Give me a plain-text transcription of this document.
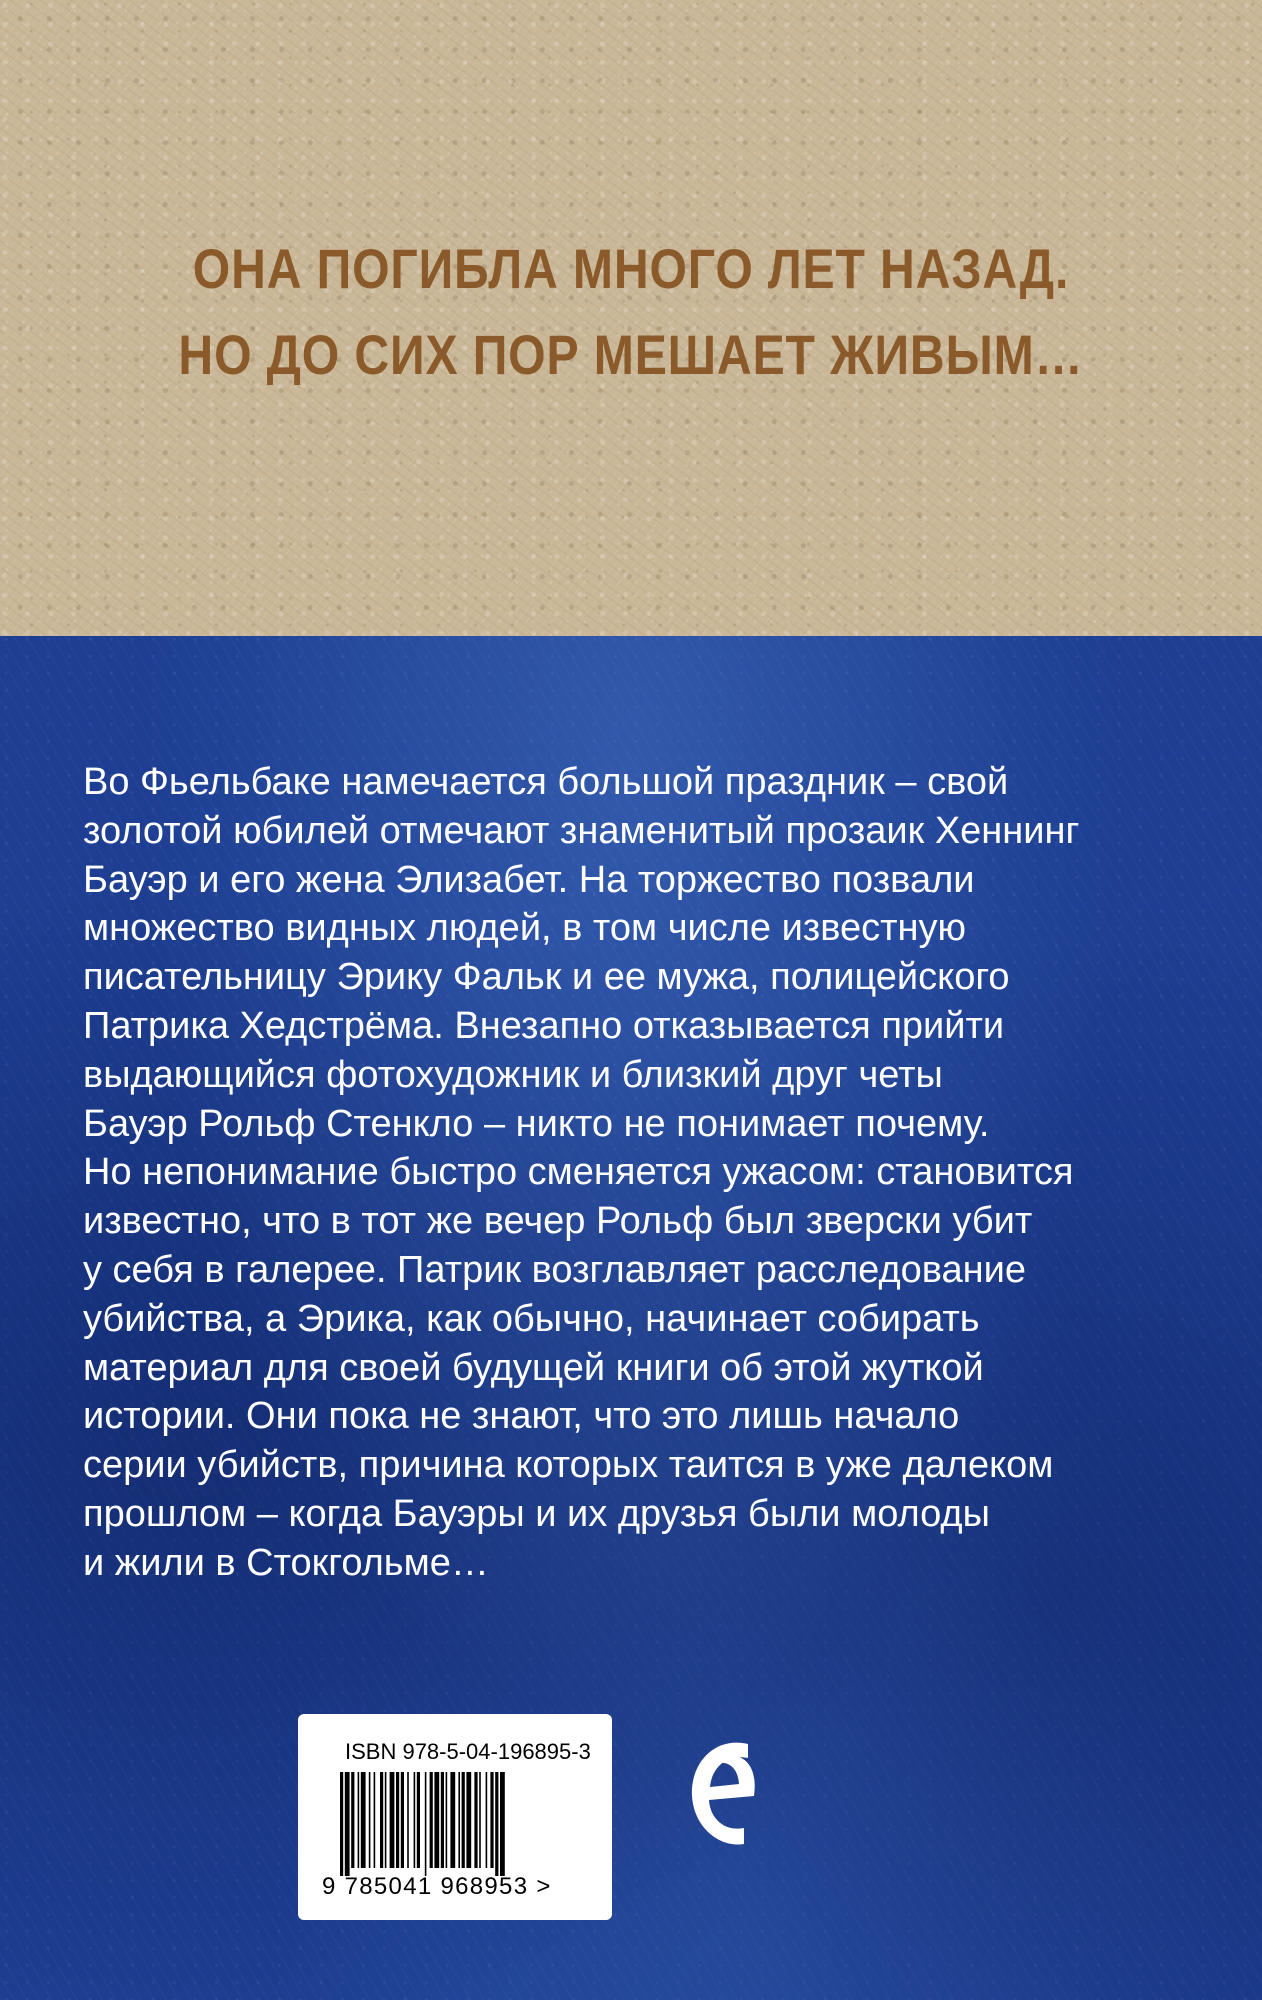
ОНА ПОГИБЛА МНОГО ЛЕТ НАЗАД.
НО ДО СИХ ПОР МЕШАЕТ ЖИВЫМ…
Во Фьельбаке намечается большой праздник – свой
золотой юбилей отмечают знаменитый прозаик Хеннинг
Бауэр и его жена Элизабет. На торжество позвали
множество видных людей, в том числе известную
писательницу Эрику Фальк и ее мужа, полицейского
Патрика Хедстрёма. Внезапно отказывается прийти
выдающийся фотохудожник и близкий друг четы
Бауэр Рольф Стенкло – никто не понимает почему.
Но непонимание быстро сменяется ужасом: становится
известно, что в тот же вечер Рольф был зверски убит
у себя в галерее. Патрик возглавляет расследование
убийства, а Эрика, как обычно, начинает собирать
материал для своей будущей книги об этой жуткой
истории. Они пока не знают, что это лишь начало
серии убийств, причина которых таится в уже далеком
прошлом – когда Бауэры и их друзья были молоды
и жили в Стокгольме…
ISBN 978-5-04-196895-3
9 785041 968953 >
